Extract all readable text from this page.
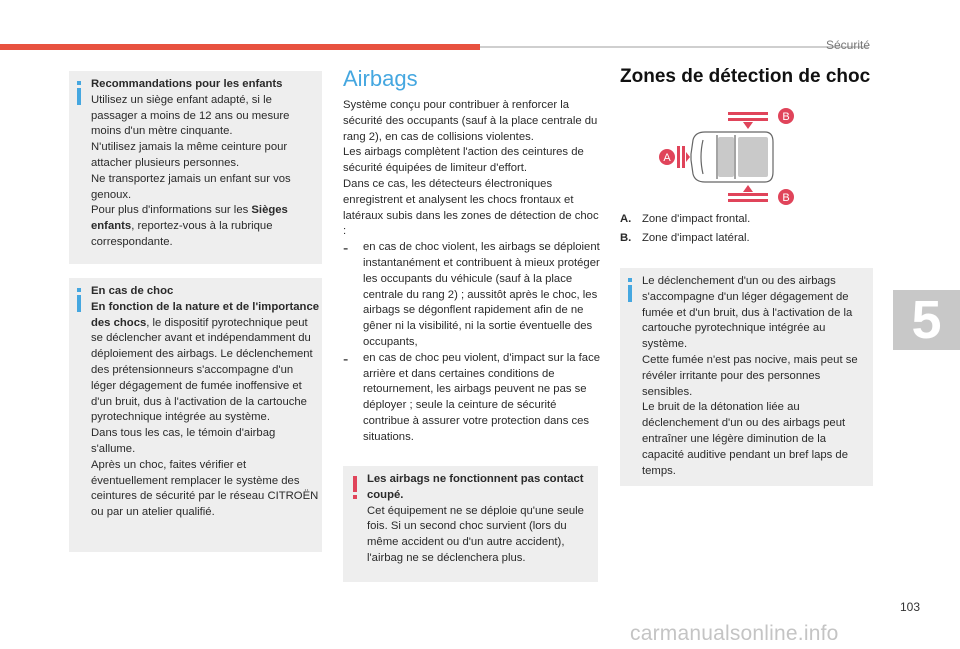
Sécurité
5
103
carmanualsonline.info

Recommandations pour les enfants

Utilisez un siège enfant adapté, si le passager a moins de 12 ans ou mesure moins d'un mètre cinquante.

N'utilisez jamais la même ceinture pour attacher plusieurs personnes.

Ne transportez jamais un enfant sur vos genoux.

Pour plus d'informations sur les Sièges enfants, reportez-vous à la rubrique correspondante.

En cas de choc

En fonction de la nature et de l'importance des chocs, le dispositif pyrotechnique peut se déclencher avant et indépendamment du déploiement des airbags. Le déclenchement des prétensionneurs s'accompagne d'un léger dégagement de fumée inoffensive et d'un bruit, dus à l'activation de la cartouche pyrotechnique intégrée au système.

Dans tous les cas, le témoin d'airbag s'allume.

Après un choc, faites vérifier et éventuellement remplacer le système des ceintures de sécurité par le réseau CITROËN ou par un atelier qualifié.

Airbags

Système conçu pour contribuer à renforcer la sécurité des occupants (sauf à la place centrale du rang 2), en cas de collisions violentes.

Les airbags complètent l'action des ceintures de sécurité équipées de limiteur d'effort.

Dans ce cas, les détecteurs électroniques enregistrent et analysent les chocs frontaux et latéraux subis dans les zones de détection de choc :

-	en cas de choc violent, les airbags se déploient instantanément et contribuent à mieux protéger les occupants du véhicule (sauf à la place centrale du rang 2) ; aussitôt après le choc, les airbags se dégonflent rapidement afin de ne gêner ni la visibilité, ni la sortie éventuelle des occupants,

-	en cas de choc peu violent, d'impact sur la face arrière et dans certaines conditions de retournement, les airbags peuvent ne pas se déployer ; seule la ceinture de sécurité contribue à assurer votre protection dans ces situations.

Les airbags ne fonctionnent pas contact coupé.

Cet équipement ne se déploie qu'une seule fois. Si un second choc survient (lors du même accident ou d'un autre accident), l'airbag ne se déclenchera plus.

Zones de détection de choc
A
B
B
A. Zone d'impact frontal.
B. Zone d'impact latéral.

Le déclenchement d'un ou des airbags s'accompagne d'un léger dégagement de fumée et d'un bruit, dus à l'activation de la cartouche pyrotechnique intégrée au système.

Cette fumée n'est pas nocive, mais peut se révéler irritante pour des personnes sensibles.

Le bruit de la détonation liée au déclenchement d'un ou des airbags peut entraîner une légère diminution de la capacité auditive pendant un bref laps de temps.
